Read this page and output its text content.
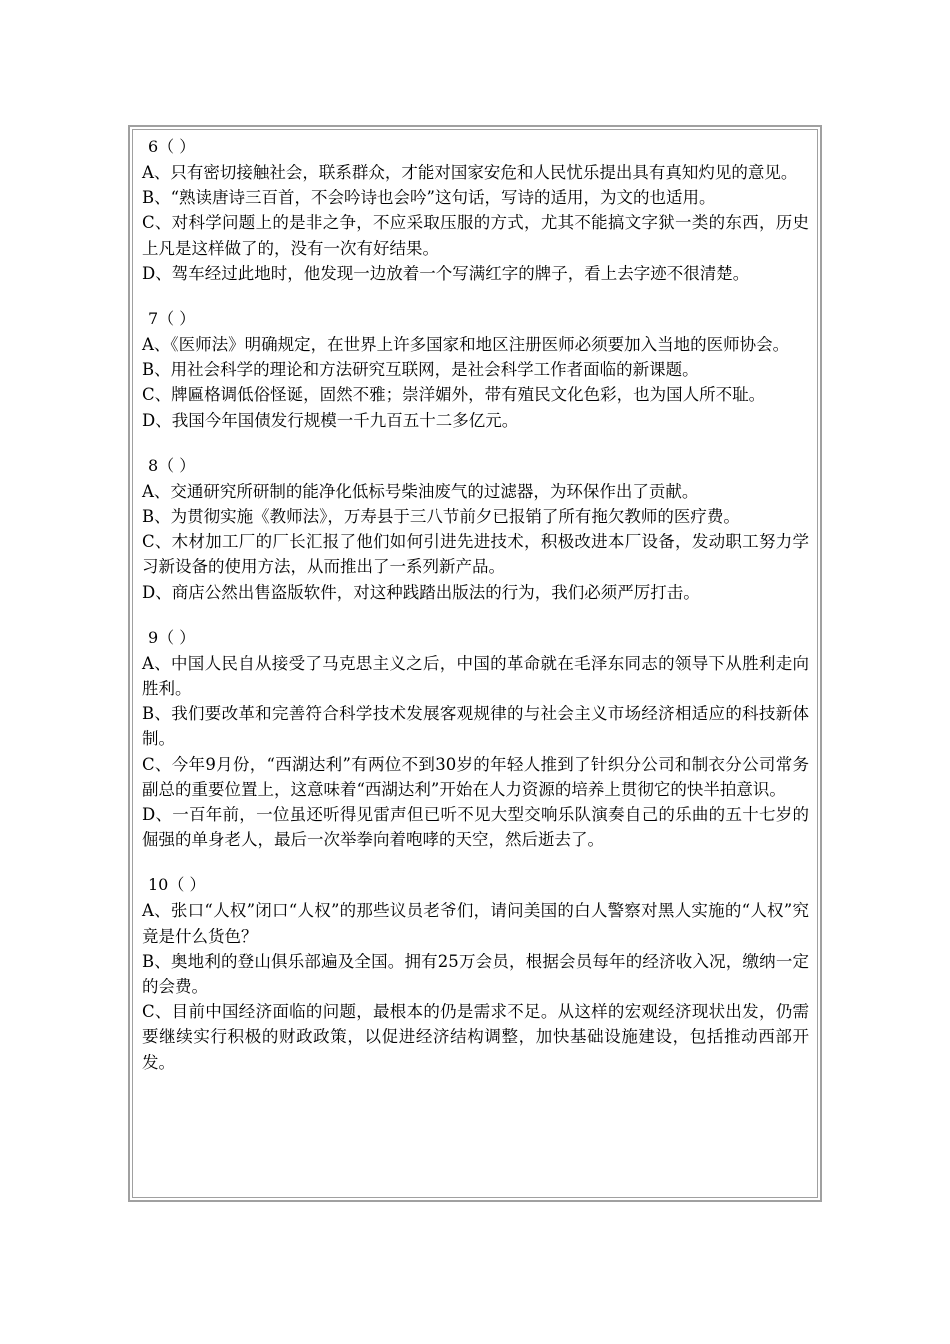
6（ ）

A、只有密切接触社会，联系群众，才能对国家安危和人民忧乐提出具有真知灼见的意见。

B、“熟读唐诗三百首，不会吟诗也会吟”这句话，写诗的适用，为文的也适用。

C、对科学问题上的是非之争，不应采取压服的方式，尤其不能搞文字狱一类的东西，历史上凡是这样做了的，没有一次有好结果。

D、驾车经过此地时，他发现一边放着一个写满红字的牌子，看上去字迹不很清楚。

7（ ）

A、《医师法》明确规定，在世界上许多国家和地区注册医师必须要加入当地的医师协会。

B、用社会科学的理论和方法研究互联网，是社会科学工作者面临的新课题。

C、牌匾格调低俗怪诞，固然不雅；崇洋媚外，带有殖民文化色彩，也为国人所不耻。

D、我国今年国债发行规模一千九百五十二多亿元。

8（ ）

A、交通研究所研制的能净化低标号柴油废气的过滤器，为环保作出了贡献。

B、为贯彻实施《教师法》，万寿县于三八节前夕已报销了所有拖欠教师的医疗费。

C、木材加工厂的厂长汇报了他们如何引进先进技术，积极改进本厂设备，发动职工努力学习新设备的使用方法，从而推出了一系列新产品。

D、商店公然出售盗版软件，对这种践踏出版法的行为，我们必须严厉打击。

9（ ）

A、中国人民自从接受了马克思主义之后，中国的革命就在毛泽东同志的领导下从胜利走向胜利。

B、我们要改革和完善符合科学技术发展客观规律的与社会主义市场经济相适应的科技新体制。

C、今年9月份，“西湖达利”有两位不到30岁的年轻人推到了针织分公司和制衣分公司常务副总的重要位置上，这意味着“西湖达利”开始在人力资源的培养上贯彻它的快半拍意识。

D、一百年前，一位虽还听得见雷声但已听不见大型交响乐队演奏自己的乐曲的五十七岁的倔强的单身老人，最后一次举拳向着咆哮的天空，然后逝去了。

10（ ）

A、张口“人权”闭口“人权”的那些议员老爷们，请问美国的白人警察对黑人实施的“人权”究竟是什么货色？

B、奥地利的登山俱乐部遍及全国。拥有25万会员，根据会员每年的经济收入况，缴纳一定的会费。

C、目前中国经济面临的问题，最根本的仍是需求不足。从这样的宏观经济现状出发，仍需要继续实行积极的财政政策，以促进经济结构调整，加快基础设施建设，包括推动西部开发。
